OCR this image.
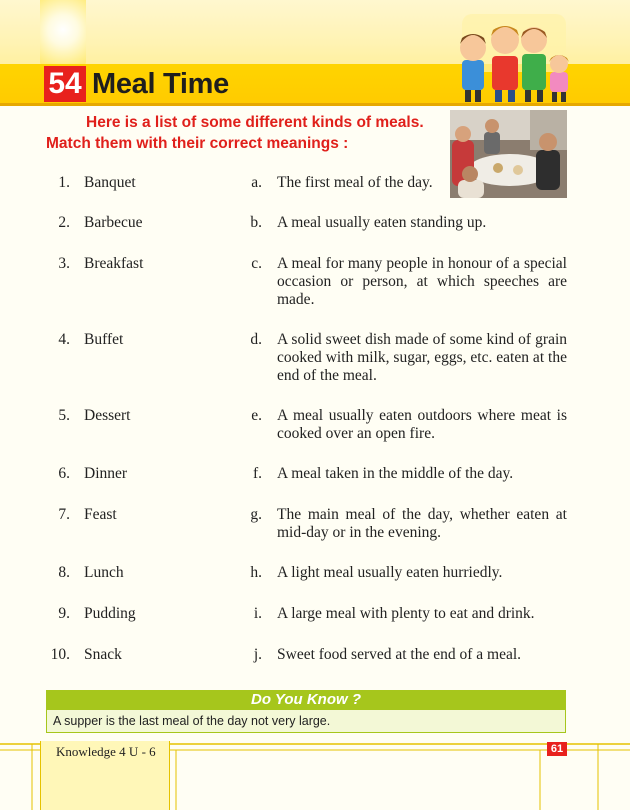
54 Meal Time
Here is a list of some different kinds of meals.
Match them with their correct meanings :
1. Banquet	a. The first meal of the day.
2. Barbecue	b. A meal usually eaten standing up.
3. Breakfast	c. A meal for many people in honour of a special occasion or person, at which speeches are made.
4. Buffet	d. A solid sweet dish made of some kind of grain cooked with milk, sugar, eggs, etc. eaten at the end of the meal.
5. Dessert	e. A meal usually eaten outdoors where meat is cooked over an open fire.
6. Dinner	f. A meal taken in the middle of the day.
7. Feast	g. The main meal of the day, whether eaten at mid-day or in the evening.
8. Lunch	h. A light meal usually eaten hurriedly.
9. Pudding	i. A large meal with plenty to eat and drink.
10. Snack	j. Sweet food served at the end of a meal.
Do You Know ?
A supper is the last meal of the day not very large.
Knowledge 4 U - 6	61
